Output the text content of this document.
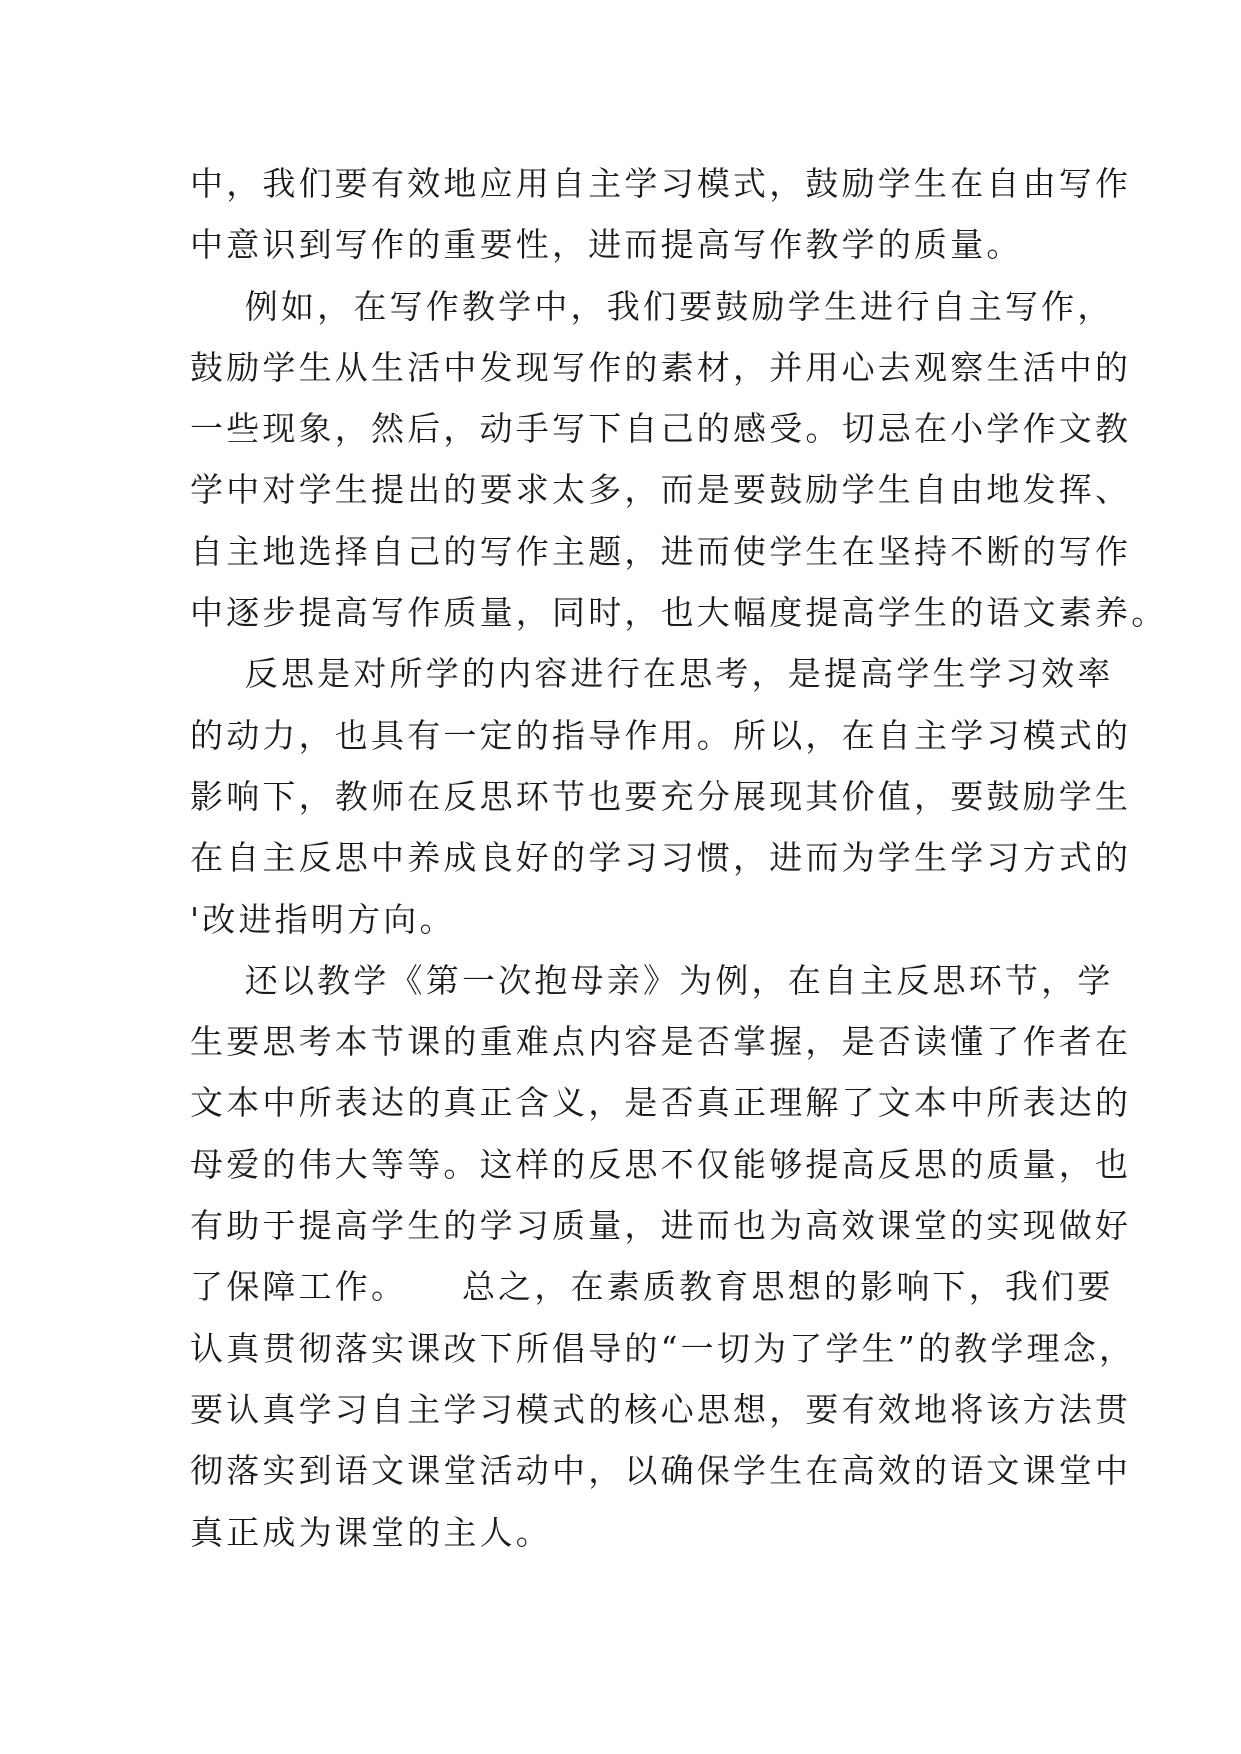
中，我们要有效地应用自主学习模式，鼓励学生在自由写作
中意识到写作的重要性，进而提高写作教学的质量。
例如，在写作教学中，我们要鼓励学生进行自主写作，
鼓励学生从生活中发现写作的素材，并用心去观察生活中的
一些现象，然后，动手写下自己的感受。切忌在小学作文教
学中对学生提出的要求太多，而是要鼓励学生自由地发挥、
自主地选择自己的写作主题，进而使学生在坚持不断的写作
中逐步提高写作质量，同时，也大幅度提高学生的语文素养。
反思是对所学的内容进行在思考，是提高学生学习效率
的动力，也具有一定的指导作用。所以，在自主学习模式的
影响下，教师在反思环节也要充分展现其价值，要鼓励学生
在自主反思中养成良好的学习习惯，进而为学生学习方式的
'改进指明方向。
还以教学《第一次抱母亲》为例，在自主反思环节，学
生要思考本节课的重难点内容是否掌握，是否读懂了作者在
文本中所表达的真正含义，是否真正理解了文本中所表达的
母爱的伟大等等。这样的反思不仅能够提高反思的质量，也
有助于提高学生的学习质量，进而也为高效课堂的实现做好
了保障工作。    总之，在素质教育思想的影响下，我们要
认真贯彻落实课改下所倡导的“一切为了学生”的教学理念，
要认真学习自主学习模式的核心思想，要有效地将该方法贯
彻落实到语文课堂活动中，以确保学生在高效的语文课堂中
真正成为课堂的主人。
